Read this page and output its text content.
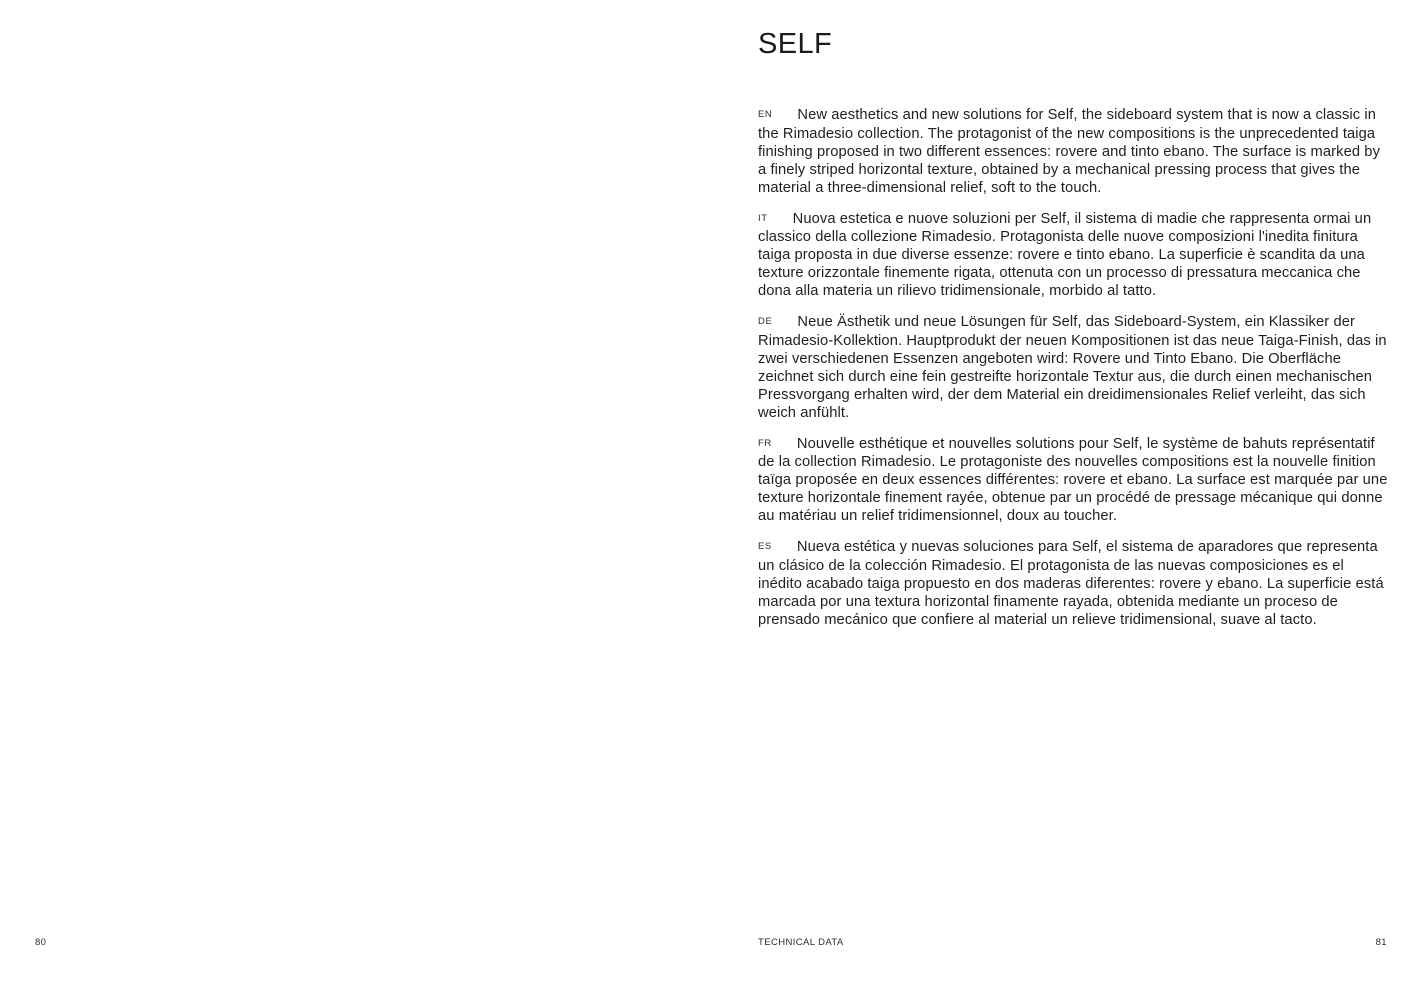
SELF

EN New aesthetics and new solutions for Self, the sideboard system that is now a classic in the Rimadesio collection. The protagonist of the new compositions is the unprecedented taiga finishing proposed in two different essences: rovere and tinto ebano. The surface is marked by a finely striped horizontal texture, obtained by a mechanical pressing process that gives the material a three-dimensional relief, soft to the touch.

IT Nuova estetica e nuove soluzioni per Self, il sistema di madie che rappresenta ormai un classico della collezione Rimadesio. Protagonista delle nuove composizioni l'inedita finitura taiga proposta in due diverse essenze: rovere e tinto ebano. La superficie è scandita da una texture orizzontale finemente rigata, ottenuta con un processo di pressatura meccanica che dona alla materia un rilievo tridimensionale, morbido al tatto.

DE Neue Ästhetik und neue Lösungen für Self, das Sideboard-System, ein Klassiker der Rimadesio-Kollektion. Hauptprodukt der neuen Kompositionen ist das neue Taiga-Finish, das in zwei verschiedenen Essenzen angeboten wird: Rovere und Tinto Ebano. Die Oberfläche zeichnet sich durch eine fein gestreifte horizontale Textur aus, die durch einen mechanischen Pressvorgang erhalten wird, der dem Material ein dreidimensionales Relief verleiht, das sich weich anfühlt.

FR Nouvelle esthétique et nouvelles solutions pour Self, le système de bahuts représentatif de la collection Rimadesio. Le protagoniste des nouvelles compositions est la nouvelle finition taïga proposée en deux essences différentes: rovere et ebano. La surface est marquée par une texture horizontale finement rayée, obtenue par un procédé de pressage mécanique qui donne au matériau un relief tridimensionnel, doux au toucher.

ES Nueva estética y nuevas soluciones para Self, el sistema de aparadores que representa un clásico de la colección Rimadesio. El protagonista de las nuevas composiciones es el inédito acabado taiga propuesto en dos maderas diferentes: rovere y ebano. La superficie está marcada por una textura horizontal finamente rayada, obtenida mediante un proceso de prensado mecánico que confiere al material un relieve tridimensional, suave al tacto.

80	TECHNICAL DATA	81
